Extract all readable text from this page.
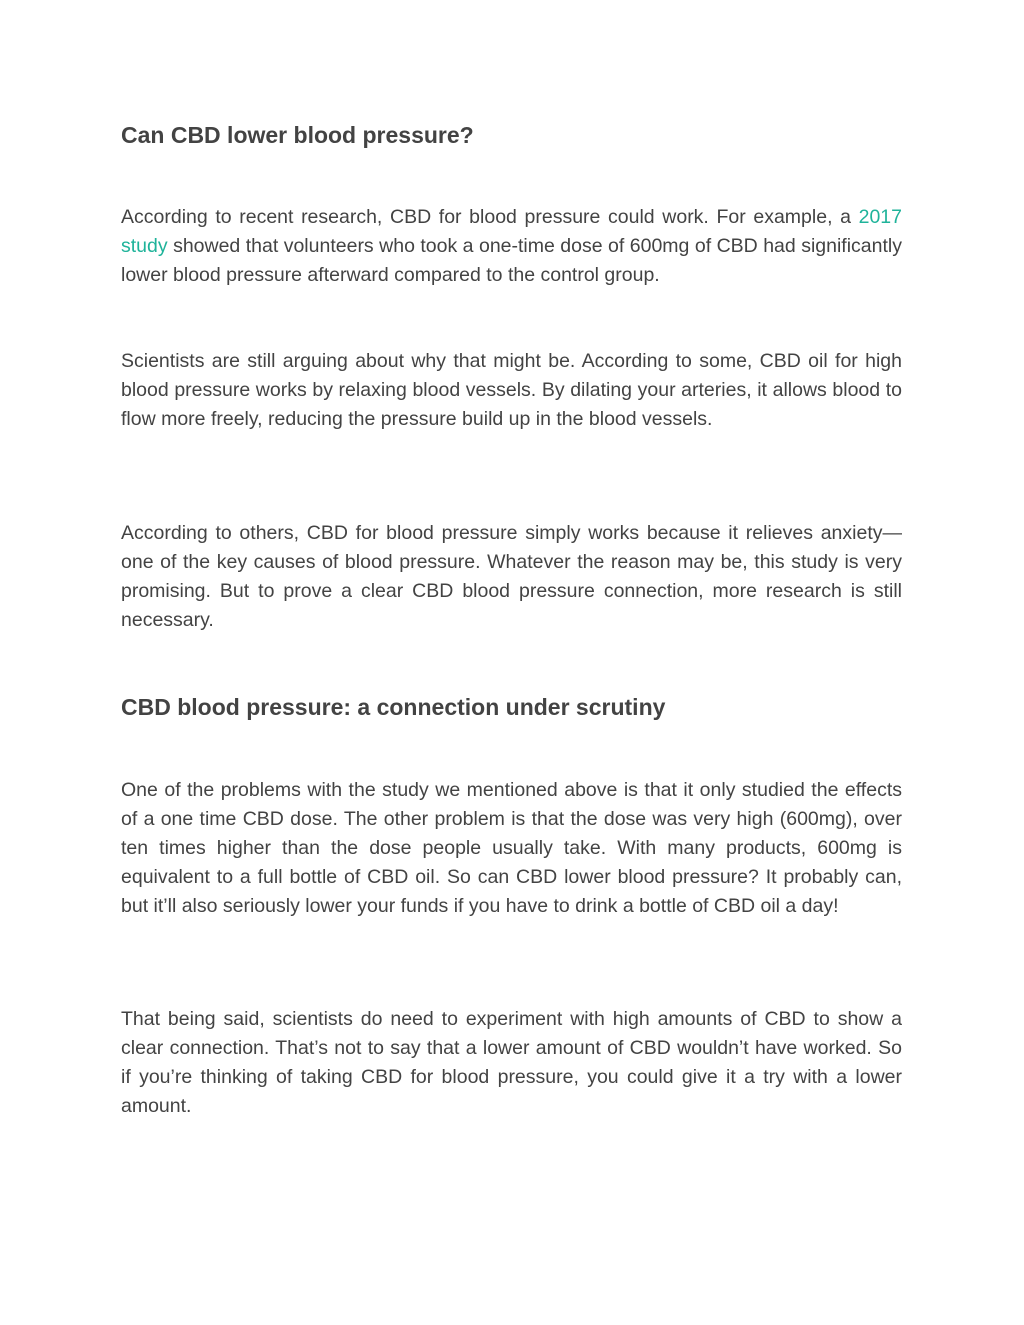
Can CBD lower blood pressure?

According to recent research, CBD for blood pressure could work. For example, a 2017 study showed that volunteers who took a one-time dose of 600mg of CBD had significantly lower blood pressure afterward compared to the control group.

Scientists are still arguing about why that might be. According to some, CBD oil for high blood pressure works by relaxing blood vessels. By dilating your arteries, it allows blood to flow more freely, reducing the pressure build up in the blood vessels.

According to others, CBD for blood pressure simply works because it relieves anxiety—one of the key causes of blood pressure. Whatever the reason may be, this study is very promising. But to prove a clear CBD blood pressure connection, more research is still necessary.

CBD blood pressure: a connection under scrutiny

One of the problems with the study we mentioned above is that it only studied the effects of a one time CBD dose. The other problem is that the dose was very high (600mg), over ten times higher than the dose people usually take. With many products, 600mg is equivalent to a full bottle of CBD oil. So can CBD lower blood pressure? It probably can, but it’ll also seriously lower your funds if you have to drink a bottle of CBD oil a day!

That being said, scientists do need to experiment with high amounts of CBD to show a clear connection. That’s not to say that a lower amount of CBD wouldn’t have worked. So if you’re thinking of taking CBD for blood pressure, you could give it a try with a lower amount.
